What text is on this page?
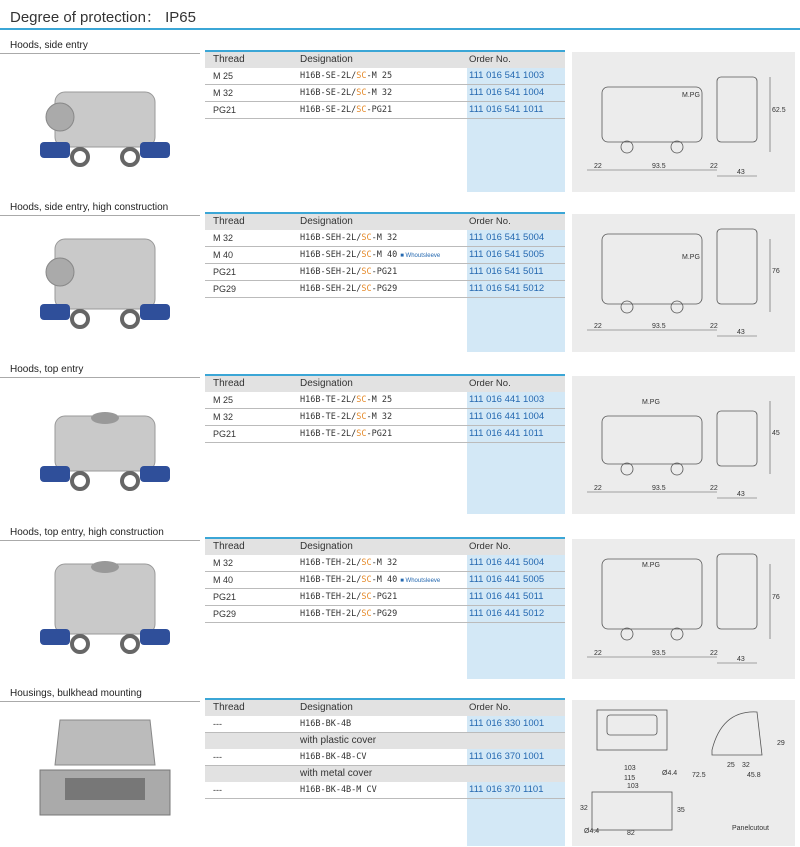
Degree of protection： IP65
Hoods, side entry
Thread	Designation	Order No.
M 25	H16B-SE-2L/SC-M 25	111 016 541 1003
M 32	H16B-SE-2L/SC-M 32	111 016 541 1004
PG21	H16B-SE-2L/SC-PG21	111 016 541 1011
22	93.5	22
43
62.5
M.PG
Hoods, side entry, high construction
Thread	Designation	Order No.
M 32	H16B-SEH-2L/SC-M 32	111 016 541 5004
M 40	H16B-SEH-2L/SC-M 40 ■ Whoutsleeve	111 016 541 5005
PG21	H16B-SEH-2L/SC-PG21	111 016 541 5011
PG29	H16B-SEH-2L/SC-PG29	111 016 541 5012
22	93.5	22
43
76
M.PG
Hoods, top entry
Thread	Designation	Order No.
M 25	H16B-TE-2L/SC-M 25	111 016 441 1003
M 32	H16B-TE-2L/SC-M 32	111 016 441 1004
PG21	H16B-TE-2L/SC-PG21	111 016 441 1011
22	93.5	22
43
45
M.PG
Hoods, top entry, high construction
Thread	Designation	Order No.
M 32	H16B-TEH-2L/SC-M 32	111 016 441 5004
M 40	H16B-TEH-2L/SC-M 40 ■ Whoutsleeve	111 016 441 5005
PG21	H16B-TEH-2L/SC-PG21	111 016 441 5011
PG29	H16B-TEH-2L/SC-PG29	111 016 441 5012
22	93.5	22
43
76
M.PG
Housings, bulkhead mounting
Thread	Designation	Order No.
---	H16B-BK-4B	111 016 330 1001
with plastic cover
---	H16B-BK-4B-CV	111 016 370 1001
with metal cover
---	H16B-BK-4B-M CV	111 016 370 1101
103
115
Ø4.4 72.5
25 32
45.8
29
103
32	35
82
Ø4.4	Panelcutout
